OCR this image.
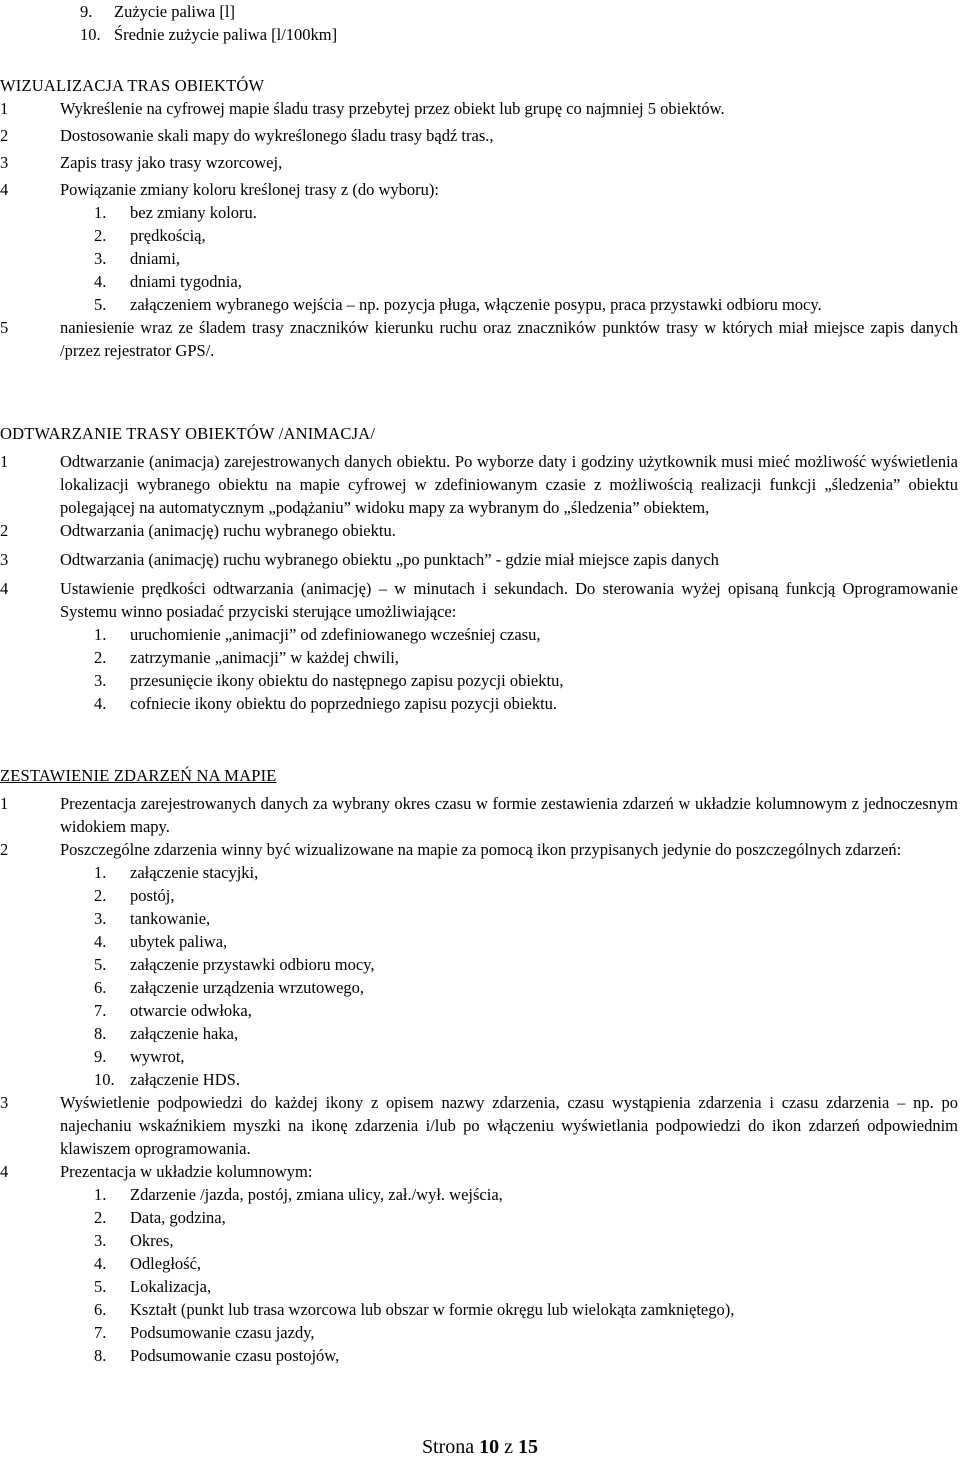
9.	Zużycie paliwa [l]
10. Średnie zużycie paliwa [l/100km]
WIZUALIZACJA TRAS OBIEKTÓW
1	Wykreślenie na cyfrowej mapie śladu trasy przebytej przez obiekt lub grupę co najmniej 5 obiektów.
2	Dostosowanie skali mapy do wykreślonego śladu trasy bądź tras.,
3	Zapis trasy jako trasy wzorcowej,
4	Powiązanie zmiany koloru kreślonej trasy z (do wyboru):
1.	bez zmiany koloru.
2.	prędkością,
3.	dniami,
4.	dniami tygodnia,
5.	załączeniem wybranego wejścia – np. pozycja pługa, włączenie posypu, praca przystawki odbioru mocy.
5	naniesienie wraz ze śladem trasy znaczników kierunku ruchu oraz znaczników punktów trasy w których miał miejsce zapis danych /przez rejestrator GPS/.
ODTWARZANIE TRASY OBIEKTÓW /ANIMACJA/
1	Odtwarzanie (animacja) zarejestrowanych danych obiektu. Po wyborze daty i godziny użytkownik musi mieć możliwość wyświetlenia lokalizacji wybranego obiektu na mapie cyfrowej w zdefiniowanym czasie z możliwością realizacji funkcji „śledzenia” obiektu polegającej na automatycznym „podążaniu” widoku mapy za wybranym do „śledzenia” obiektem,
2	Odtwarzania (animację) ruchu wybranego obiektu.
3	Odtwarzania (animację) ruchu wybranego obiektu „po punktach” - gdzie miał miejsce zapis danych
4	Ustawienie prędkości odtwarzania (animację) – w minutach i sekundach. Do sterowania wyżej opisaną funkcją Oprogramowanie Systemu winno posiadać przyciski sterujące umożliwiające:
1.	uruchomienie „animacji” od zdefiniowanego wcześniej czasu,
2.	zatrzymanie „animacji” w każdej chwili,
3.	przesunięcie ikony obiektu do następnego zapisu pozycji obiektu,
4.	cofniecie ikony obiektu do poprzedniego zapisu pozycji obiektu.
ZESTAWIENIE ZDARZEŃ NA MAPIE
1	Prezentacja zarejestrowanych danych za wybrany okres czasu w formie zestawienia zdarzeń w układzie kolumnowym z jednoczesnym widokiem mapy.
2	Poszczególne zdarzenia winny być wizualizowane na mapie za pomocą ikon przypisanych jedynie do poszczególnych zdarzeń:
1.	załączenie stacyjki,
2.	postój,
3.	tankowanie,
4.	ubytek paliwa,
5.	załączenie przystawki odbioru mocy,
6.	załączenie urządzenia wrzutowego,
7.	otwarcie odwłoka,
8.	załączenie haka,
9.	wywrot,
10. załączenie HDS.
3	Wyświetlenie podpowiedzi do każdej ikony z opisem nazwy zdarzenia, czasu wystąpienia zdarzenia i czasu zdarzenia – np. po najechaniu wskaźnikiem myszki na ikonę zdarzenia i/lub po włączeniu wyświetlania podpowiedzi do ikon zdarzeń odpowiednim klawiszem oprogramowania.
4	Prezentacja w układzie kolumnowym:
1.	Zdarzenie /jazda, postój, zmiana ulicy, zał./wył. wejścia,
2.	Data, godzina,
3.	Okres,
4.	Odległość,
5.	Lokalizacja,
6.	Kształt (punkt lub trasa wzorcowa lub obszar w formie okręgu lub wielokąta zamkniętego),
7.	Podsumowanie czasu jazdy,
8.	Podsumowanie czasu postojów,
Strona 10 z 15
